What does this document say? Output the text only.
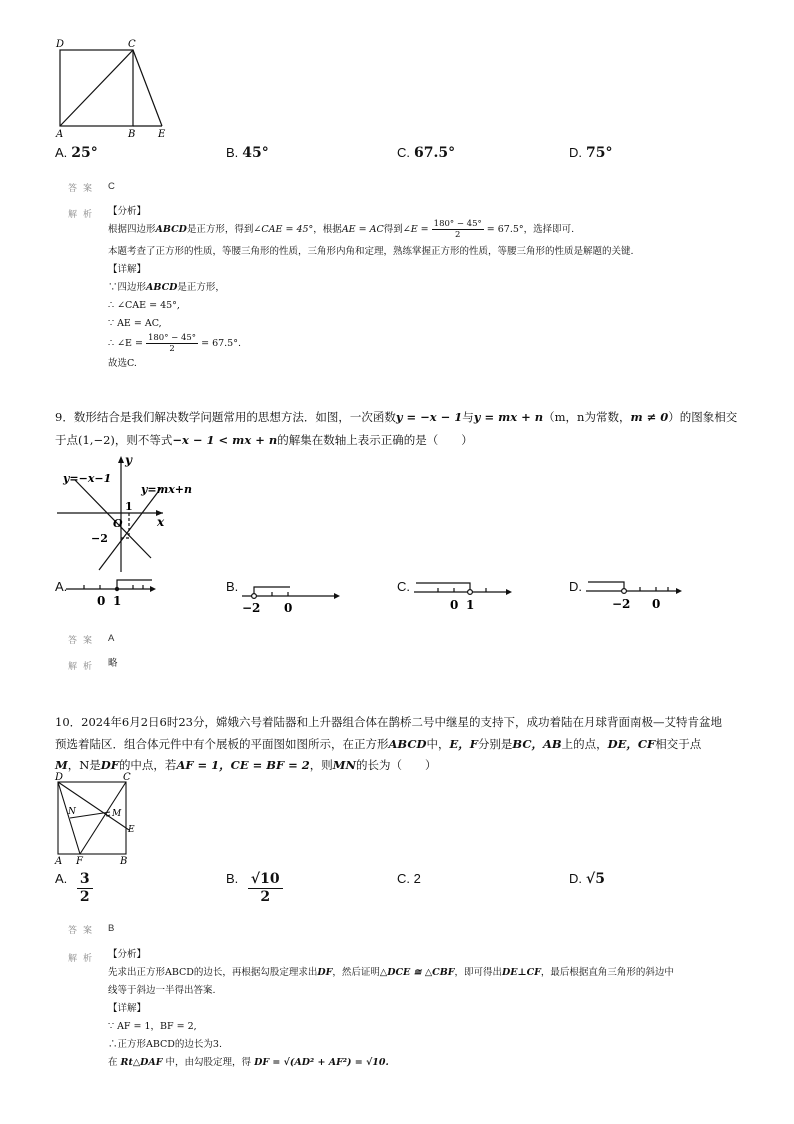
D	C
A	B E
A. 25°	B. 45°	C. 67.5°	D. 75°
答案 C
解析 【分析】
根据四边形ABCD是正方形，得到∠CAE = 45°，根据AE = AC得到∠E = $\frac{180^\circ - 45^\circ}{2} = 67.5^\circ$，选择即可.
本题考查了正方形的性质，等腰三角形的性质，三角形内角和定理，熟练掌握正方形的性质，等腰三角形的性质是解题的关键.
【详解】
∵四边形ABCD是正方形，
∴ ∠CAE = 45°,
∵ AE = AC,
∴ ∠E = $\frac{180^\circ - 45^\circ}{2} = 67.5^\circ$.
故选C.
9．数形结合是我们解决数学问题常用的思想方法．如图，一次函数y = −x − 1与y = mx + n（m，n为常数，m ≠ 0）的图象相交
于点(1,−2)，则不等式−x − 1 < mx + n的解集在数轴上表示正确的是（　　）
y
x
O
y=−x−1
y=mx+n
1
−2
A.
0 1
B.
−2 0
C.
0 1
D.
−2 0
答案 A
解析 略
10．2024年6月2日6时23分，嫦娥六号着陆器和上升器组合体在鹊桥二号中继星的支持下，成功着陆在月球背面南极—艾特肯盆地
预选着陆区．组合体元件中有个展板的平面图如图所示，在正方形ABCD中，E，F分别是BC，AB上的点，DE，CF相交于点
M，N是DF的中点，若AF = 1，CE = BF = 2，则MN的长为（　　）
D	C
N	M
E
A F	B
A. $\frac{3}{2}$	B. $\frac{√10}{2}$	C. 2	D. √5
答案 B
解析 【分析】
先求出正方形ABCD的边长，再根据勾股定理求出DF，然后证明△DCE ≅ △CBF，即可得出DE⊥CF，最后根据直角三角形的斜边中
线等于斜边一半得出答案.
【详解】
∵ AF = 1，BF = 2,
∴正方形ABCD的边长为3.
在 Rt△DAF 中，由勾股定理，得 DF = √(AD² + AF²) = √10.
